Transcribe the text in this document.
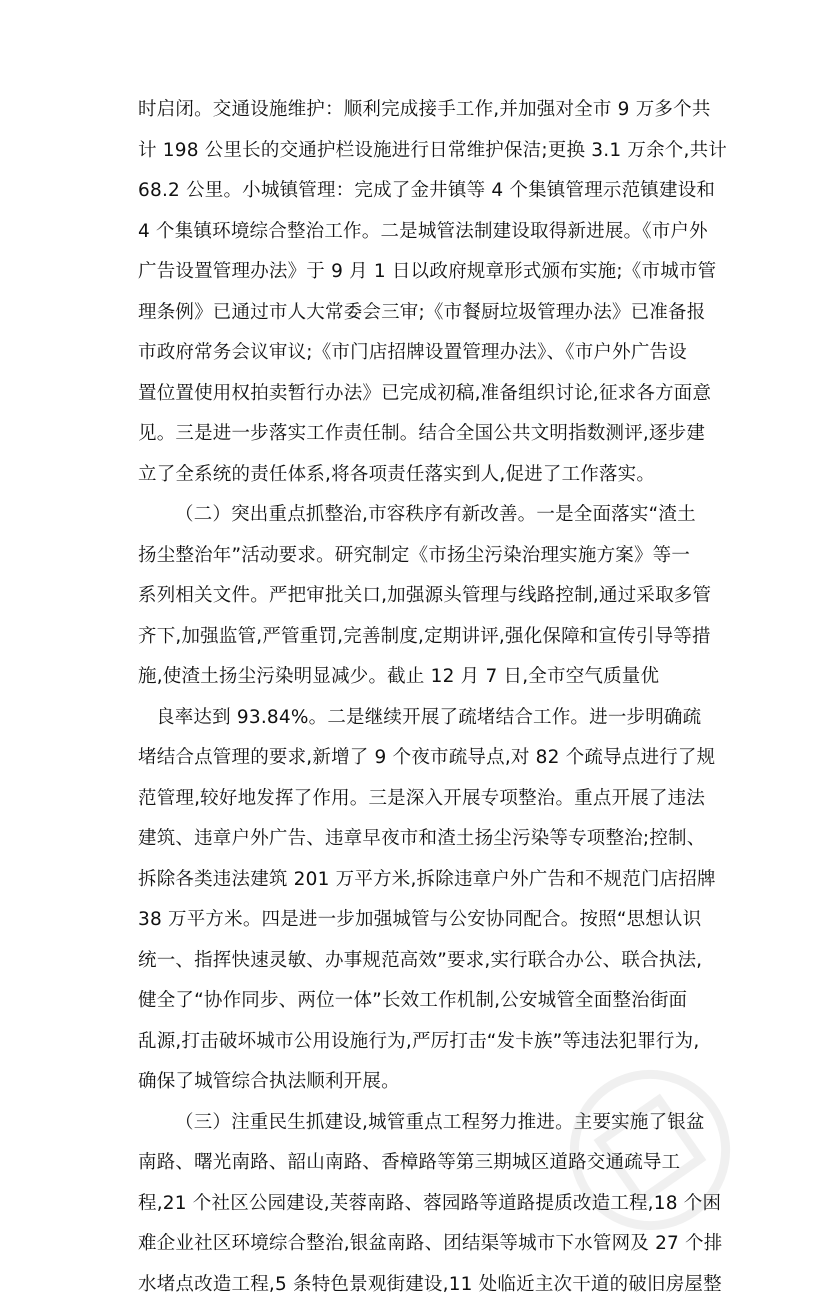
时启闭。交通设施维护：顺利完成接手工作,并加强对全市 9 万多个共
计 198 公里长的交通护栏设施进行日常维护保洁;更换 3.1 万余个,共计
68.2 公里。小城镇管理：完成了金井镇等 4 个集镇管理示范镇建设和
4 个集镇环境综合整治工作。二是城管法制建设取得新进展。《市户外
广告设置管理办法》于 9 月 1 日以政府规章形式颁布实施;《市城市管
理条例》已通过市人大常委会三审;《市餐厨垃圾管理办法》已准备报
市政府常务会议审议;《市门店招牌设置管理办法》、《市户外广告设
置位置使用权拍卖暂行办法》已完成初稿,准备组织讨论,征求各方面意
见。三是进一步落实工作责任制。结合全国公共文明指数测评,逐步建
立了全系统的责任体系,将各项责任落实到人,促进了工作落实。
（二）突出重点抓整治,市容秩序有新改善。一是全面落实“渣土
扬尘整治年”活动要求。研究制定《市扬尘污染治理实施方案》等一
系列相关文件。严把审批关口,加强源头管理与线路控制,通过采取多管
齐下,加强监管,严管重罚,完善制度,定期讲评,强化保障和宣传引导等措
施,使渣土扬尘污染明显减少。截止 12 月 7 日,全市空气质量优
良率达到 93.84%。二是继续开展了疏堵结合工作。进一步明确疏
堵结合点管理的要求,新增了 9 个夜市疏导点,对 82 个疏导点进行了规
范管理,较好地发挥了作用。三是深入开展专项整治。重点开展了违法
建筑、违章户外广告、违章早夜市和渣土扬尘污染等专项整治;控制、
拆除各类违法建筑 201 万平方米,拆除违章户外广告和不规范门店招牌
38 万平方米。四是进一步加强城管与公安协同配合。按照“思想认识
统一、指挥快速灵敏、办事规范高效”要求,实行联合办公、联合执法,
健全了“协作同步、两位一体”长效工作机制,公安城管全面整治街面
乱源,打击破坏城市公用设施行为,严厉打击“发卡族”等违法犯罪行为,
确保了城管综合执法顺利开展。
（三）注重民生抓建设,城管重点工程努力推进。主要实施了银盆
南路、曙光南路、韶山南路、香樟路等第三期城区道路交通疏导工
程,21 个社区公园建设,芙蓉南路、蓉园路等道路提质改造工程,18 个困
难企业社区环境综合整治,银盆南路、团结渠等城市下水管网及 27 个排
水堵点改造工程,5 条特色景观街建设,11 处临近主次干道的破旧房屋整
